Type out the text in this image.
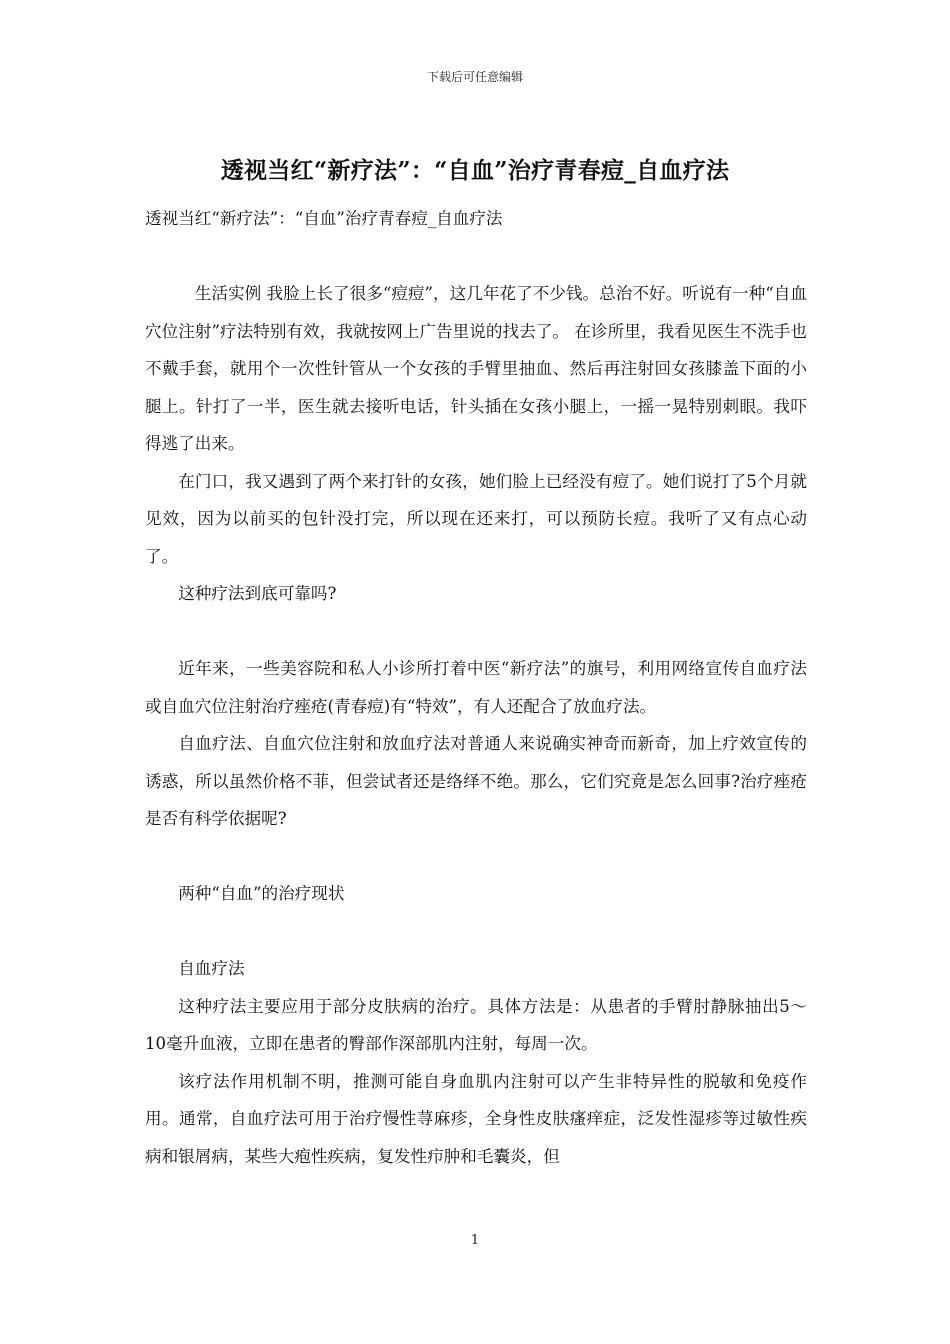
下载后可任意编辑
透视当红“新疗法”：“自血”治疗青春痘_自血疗法

透视当红“新疗法”：“自血”治疗青春痘_自血疗法

生活实例 我脸上长了很多“痘痘”，这几年花了不少钱。总治不好。听说有一种“自血穴位注射”疗法特别有效，我就按网上广告里说的找去了。 在诊所里，我看见医生不洗手也不戴手套，就用个一次性针管从一个女孩的手臂里抽血、然后再注射回女孩膝盖下面的小腿上。针打了一半，医生就去接听电话，针头插在女孩小腿上，一摇一晃特别刺眼。我吓得逃了出来。

在门口，我又遇到了两个来打针的女孩，她们脸上已经没有痘了。她们说打了5个月就见效，因为以前买的包针没打完，所以现在还来打，可以预防长痘。我听了又有点心动了。

这种疗法到底可靠吗?

近年来，一些美容院和私人小诊所打着中医“新疗法”的旗号，利用网络宣传自血疗法或自血穴位注射治疗痤疮(青春痘)有“特效”，有人还配合了放血疗法。

自血疗法、自血穴位注射和放血疗法对普通人来说确实神奇而新奇，加上疗效宣传的诱惑，所以虽然价格不菲，但尝试者还是络绎不绝。那么，它们究竟是怎么回事?治疗痤疮是否有科学依据呢?

两种“自血”的治疗现状

自血疗法

这种疗法主要应用于部分皮肤病的治疗。具体方法是：从患者的手臂肘静脉抽出5～10毫升血液，立即在患者的臀部作深部肌内注射，每周一次。

该疗法作用机制不明，推测可能自身血肌内注射可以产生非特异性的脱敏和免疫作用。通常，自血疗法可用于治疗慢性荨麻疹，全身性皮肤瘙痒症，泛发性湿疹等过敏性疾病和银屑病，某些大疱性疾病，复发性疖肿和毛囊炎，但

1
